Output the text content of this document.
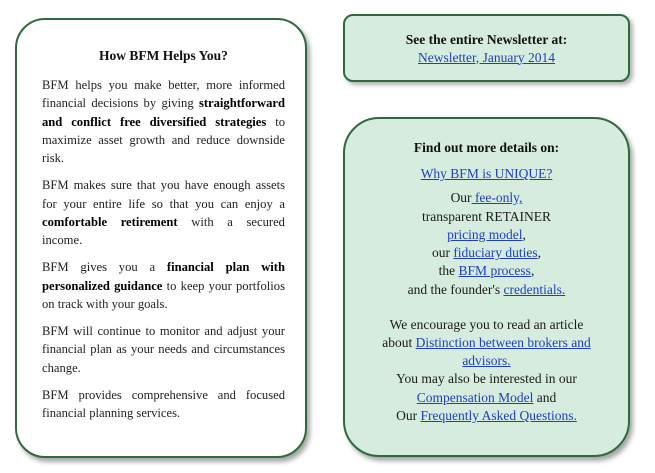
How BFM Helps You?

BFM helps you make better, more informed financial decisions by giving straightforward and conflict free diversified strategies to maximize asset growth and reduce downside risk.

BFM makes sure that you have enough assets for your entire life so that you can enjoy a comfortable retirement with a secured income.

BFM gives you a financial plan with personalized guidance to keep your portfolios on track with your goals.

BFM will continue to monitor and adjust your financial plan as your needs and circumstances change.

BFM provides comprehensive and focused financial planning services.

See the entire Newsletter at:
Newsletter, January 2014
Find out more details on:
Why BFM is UNIQUE?
Our fee-only,
transparent RETAINER
pricing model,
our fiduciary duties,
the BFM process,
and the founder's credentials.
We encourage you to read an article
about Distinction between brokers and advisors.
You may also be interested in our
Compensation Model and
Our Frequently Asked Questions.
